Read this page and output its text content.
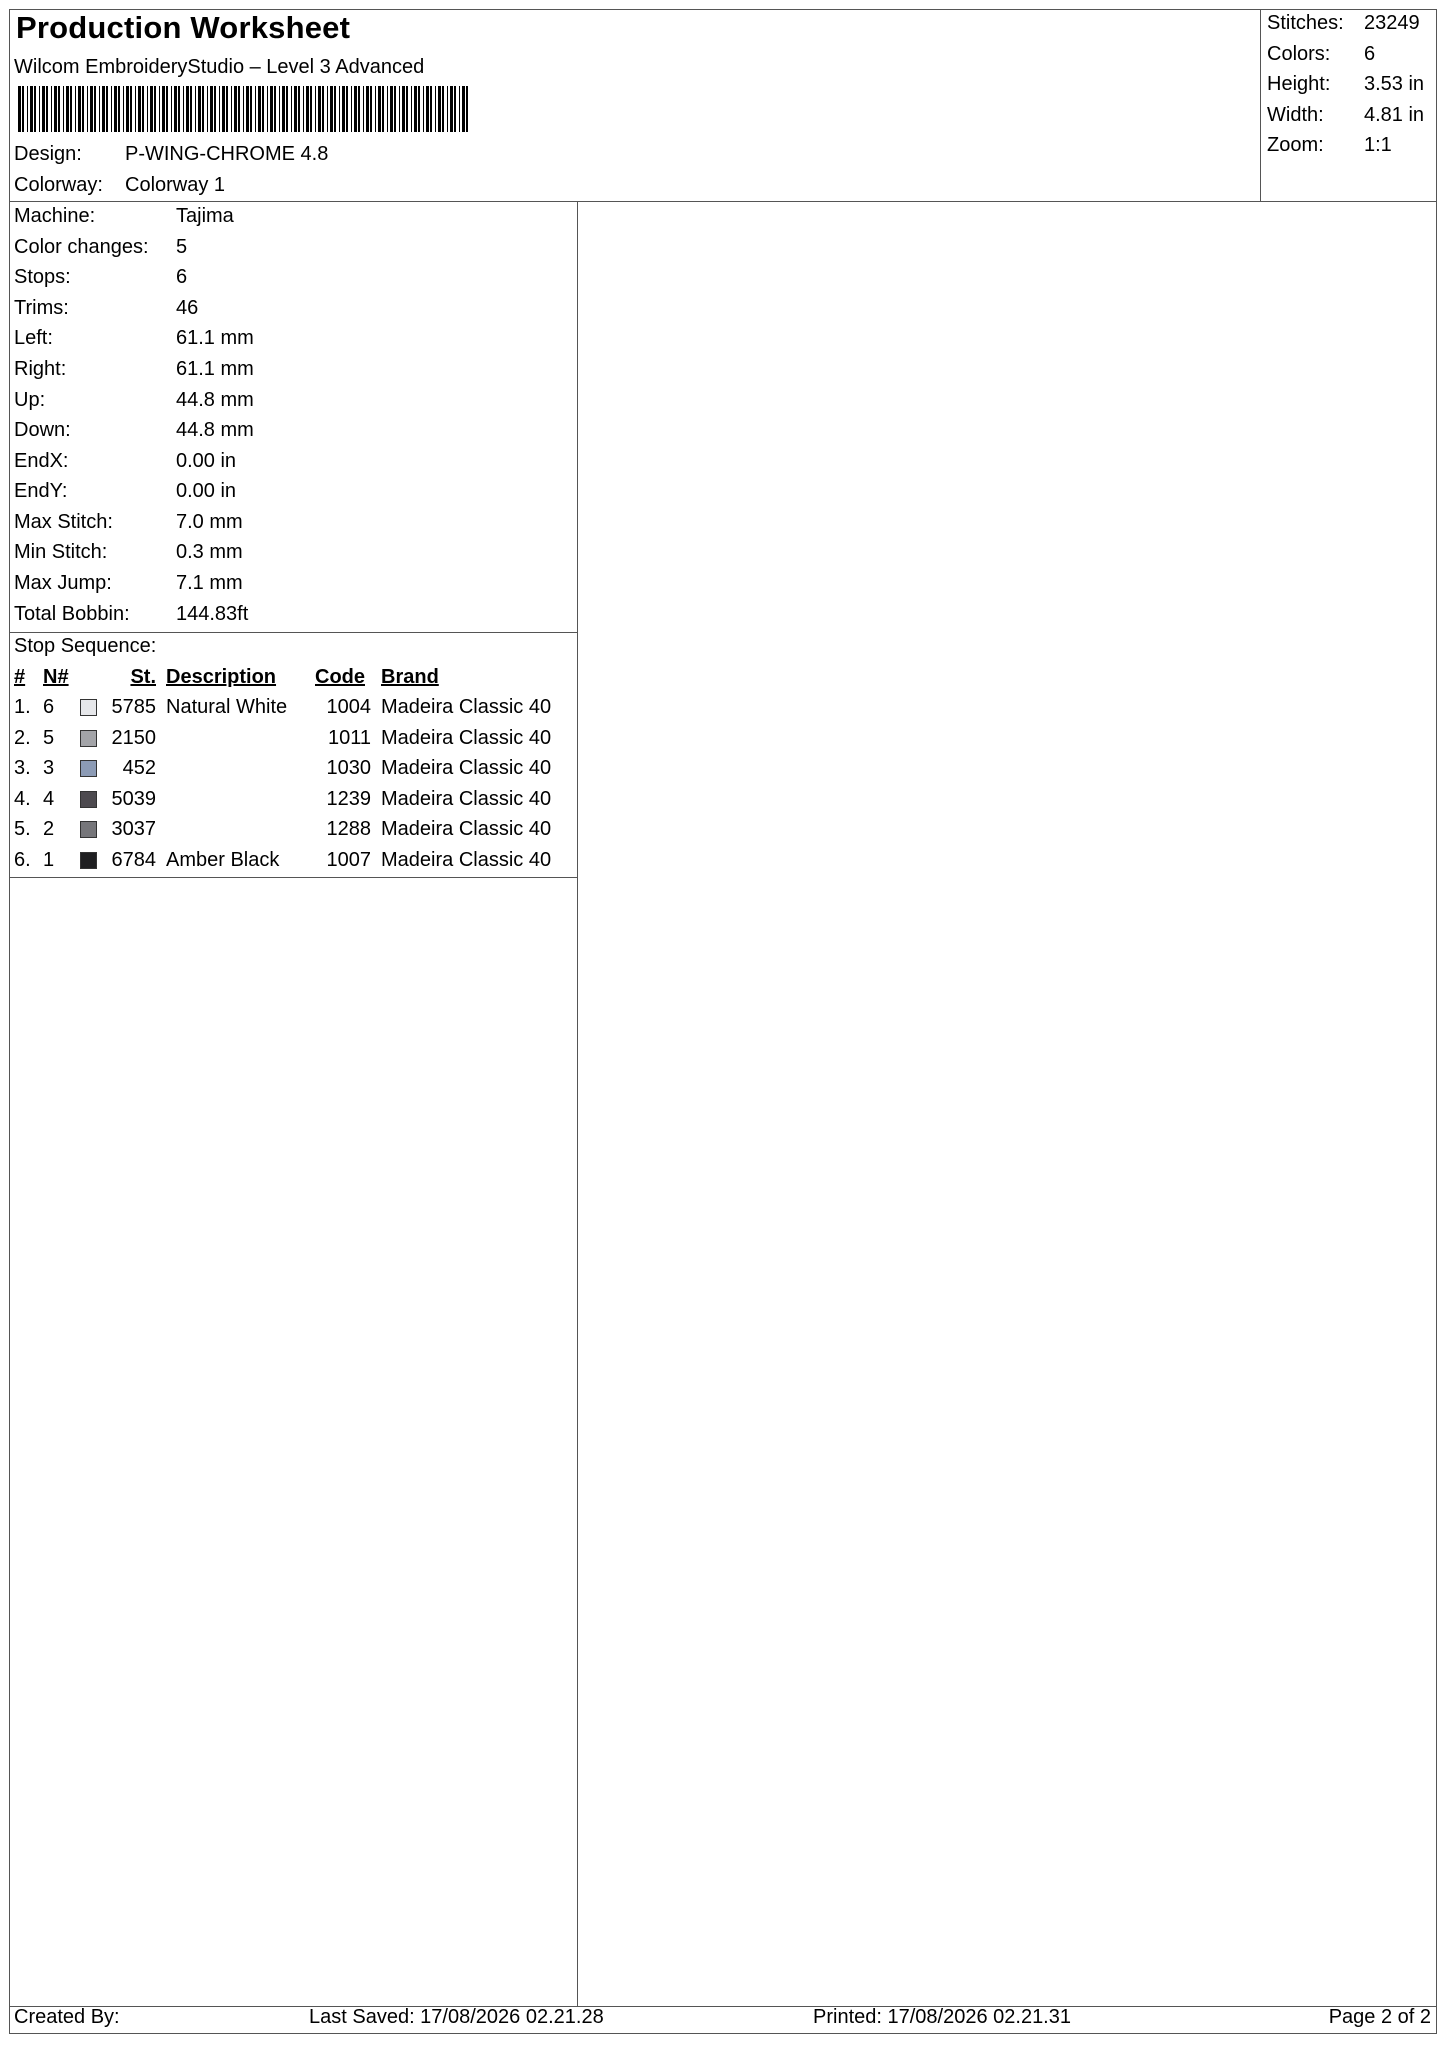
Production Worksheet
Wilcom EmbroideryStudio – Level 3 Advanced
Design: P-WING-CHROME 4.8
Colorway: Colorway 1
Stitches: 23249
Colors: 6
Height: 3.53 in
Width: 4.81 in
Zoom: 1:1
Machine:	Tajima
Color changes: 5
Stops:	6
Trims:	46
Left:	61.1 mm
Right:	61.1 mm
Up:	44.8 mm
Down:	44.8 mm
EndX:	0.00 in
EndY:	0.00 in
Max Stitch:	7.0 mm
Min Stitch:	0.3 mm
Max Jump:	7.1 mm
Total Bobbin: 144.83ft
Stop Sequence:
# N#	St. Description Code Brand
1. 6	5785 Natural White	1004 Madeira Classic 40
2. 5	2150	1011 Madeira Classic 40
3. 3	452	1030 Madeira Classic 40
4. 4	5039	1239 Madeira Classic 40
5. 2	3037	1288 Madeira Classic 40
6. 1	6784 Amber Black	1007 Madeira Classic 40
Created By:	Last Saved: 17/08/2026 02.21.28	Printed: 17/08/2026 02.21.31	Page 2 of 2
